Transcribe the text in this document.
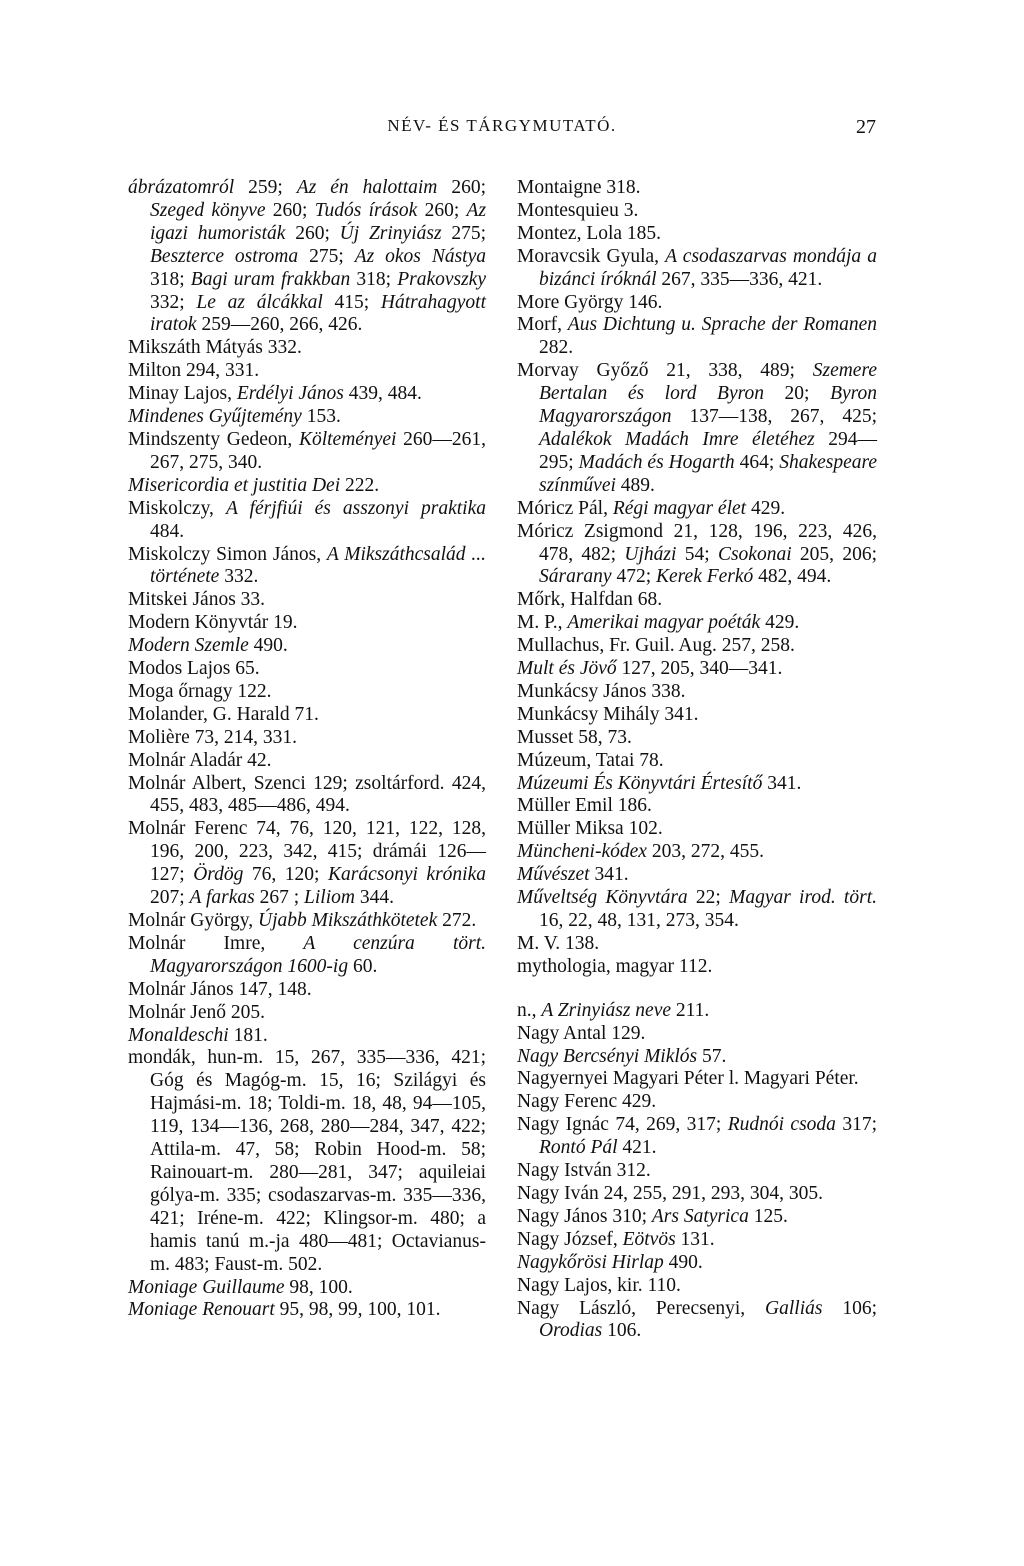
NÉV- ÉS TÁRGYMUTATÓ.	27
ábrázatomról 259; Az én halottaim 260; Szeged könyve 260; Tudós írások 260; Az igazi humoristák 260; Új Zrinyiász 275; Beszterce ostroma 275; Az okos Nástya 318; Bagi uram frakkban 318; Prakovszky 332; Le az álcákkal 415; Hátrahagyott iratok 259—260, 266, 426.
Mikszáth Mátyás 332.
Milton 294, 331.
Minay Lajos, Erdélyi János 439, 484.
Mindenes Gyűjtemény 153.
Mindszenty Gedeon, Költeményei 260—261, 267, 275, 340.
Misericordia et justitia Dei 222.
Miskolczy, A férjfiúi és asszonyi praktika 484.
Miskolczy Simon János, A Mikszáthcsalád ... története 332.
Mitskei János 33.
Modern Könyvtár 19.
Modern Szemle 490.
Modos Lajos 65.
Moga őrnagy 122.
Molander, G. Harald 71.
Molière 73, 214, 331.
Molnár Aladár 42.
Molnár Albert, Szenci 129; zsoltárford. 424, 455, 483, 485—486, 494.
Molnár Ferenc 74, 76, 120, 121, 122, 128, 196, 200, 223, 342, 415; drámái 126—127; Ördög 76, 120; Karácsonyi krónika 207; A farkas 267 ; Liliom 344.
Molnár György, Újabb Mikszáthkötetek 272.
Molnár Imre, A cenzúra tört. Magyarországon 1600-ig 60.
Molnár János 147, 148.
Molnár Jenő 205.
Monaldeschi 181.
mondák, hun-m. 15, 267, 335—336, 421; Góg és Magóg-m. 15, 16; Szilágyi és Hajmási-m. 18; Toldi-m. 18, 48, 94—105, 119, 134—136, 268, 280—284, 347, 422; Attila-m. 47, 58; Robin Hood-m. 58; Rainouart-m. 280—281, 347; aquileiai gólya-m. 335; csodaszarvas-m. 335—336, 421; Iréne-m. 422; Klingsor-m. 480; a hamis tanú m.-ja 480—481; Octavianus-m. 483; Faust-m. 502.
Moniage Guillaume 98, 100.
Moniage Renouart 95, 98, 99, 100, 101.
Montaigne 318.
Montesquieu 3.
Montez, Lola 185.
Moravcsik Gyula, A csodaszarvas mondája a bizánci íróknál 267, 335—336, 421.
More György 146.
Morf, Aus Dichtung u. Sprache der Romanen 282.
Morvay Győző 21, 338, 489; Szemere Bertalan és lord Byron 20; Byron Magyarországon 137—138, 267, 425; Adalékok Madách Imre életéhez 294—295; Madách és Hogarth 464; Shakespeare színművei 489.
Móricz Pál, Régi magyar élet 429.
Móricz Zsigmond 21, 128, 196, 223, 426, 478, 482; Ujházi 54; Csokonai 205, 206; Sárarany 472; Kerek Ferkó 482, 494.
Mőrk, Halfdan 68.
M. P., Amerikai magyar poéták 429.
Mullachus, Fr. Guil. Aug. 257, 258.
Mult és Jövő 127, 205, 340—341.
Munkácsy János 338.
Munkácsy Mihály 341.
Musset 58, 73.
Múzeum, Tatai 78.
Múzeumi És Könyvtári Értesítő 341.
Müller Emil 186.
Müller Miksa 102.
Müncheni-kódex 203, 272, 455.
Művészet 341.
Műveltség Könyvtára 22; Magyar irod. tört. 16, 22, 48, 131, 273, 354.
M. V. 138.
mythologia, magyar 112.
n., A Zrinyiász neve 211.
Nagy Antal 129.
Nagy Bercsényi Miklós 57.
Nagyernyei Magyari Péter l. Magyari Péter.
Nagy Ferenc 429.
Nagy Ignác 74, 269, 317; Rudnói csoda 317; Rontó Pál 421.
Nagy István 312.
Nagy Iván 24, 255, 291, 293, 304, 305.
Nagy János 310; Ars Satyrica 125.
Nagy József, Eötvös 131.
Nagykőrösi Hirlap 490.
Nagy Lajos, kir. 110.
Nagy László, Perecsenyi, Galliás 106; Orodias 106.
